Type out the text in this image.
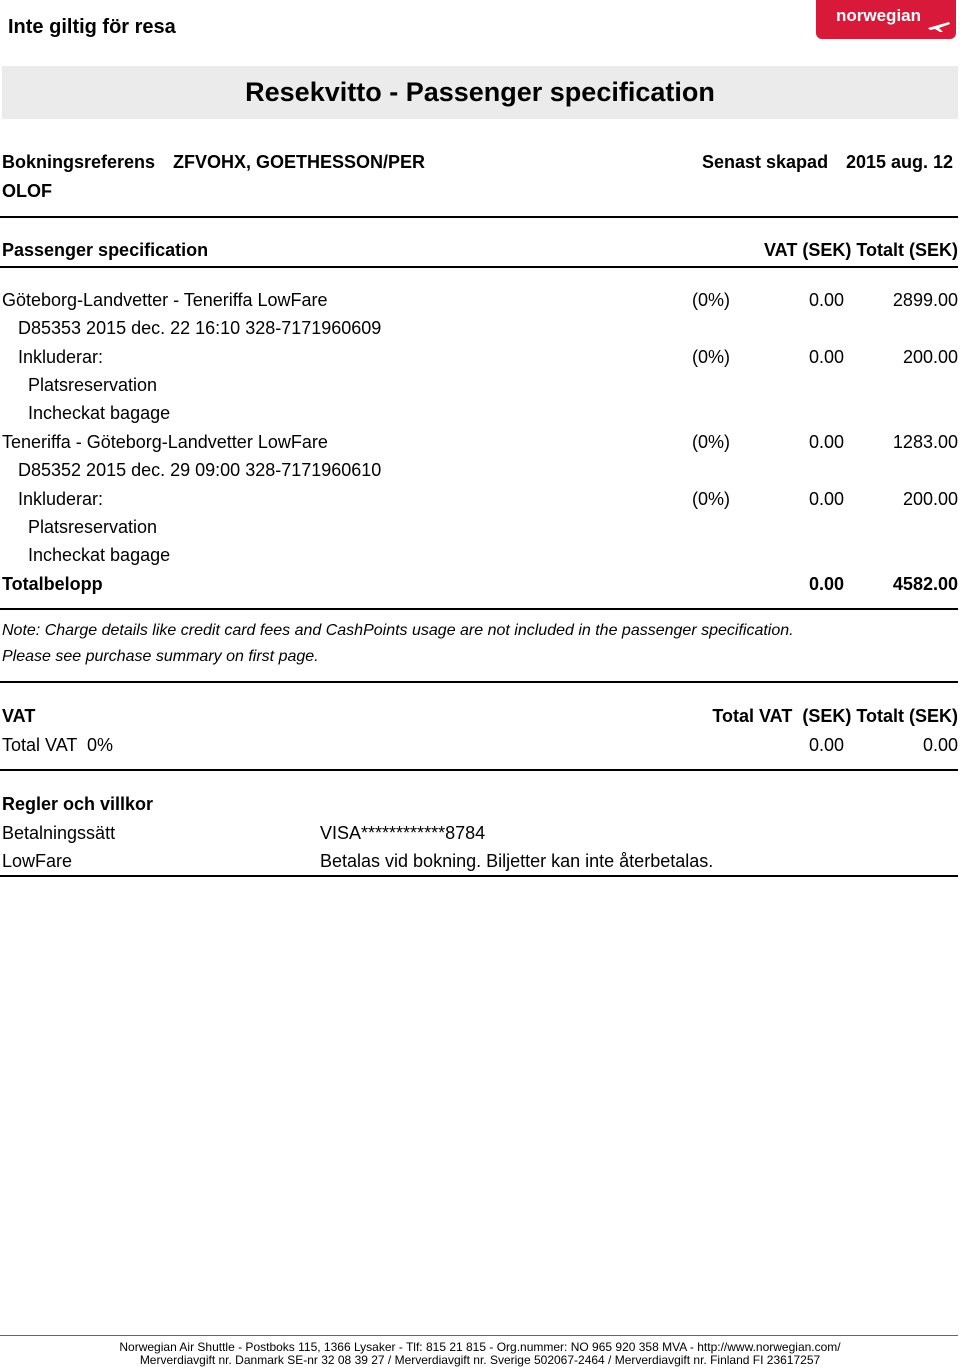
Inte giltig för resa
norwegian
Resekvitto - Passenger specification
Bokningsreferens ZFVOHX, GOETHESSON/PER
OLOF
Senast skapad 2015 aug. 12
Passenger specification	VAT (SEK) Totalt (SEK)
Göteborg-Landvetter - Teneriffa LowFare	(0%)	0.00	2899.00
D85353 2015 dec. 22 16:10 328-7171960609
Inkluderar:	(0%)	0.00	200.00
Platsreservation
Incheckat bagage
Teneriffa - Göteborg-Landvetter LowFare	(0%)	0.00	1283.00
D85352 2015 dec. 29 09:00 328-7171960610
Inkluderar:	(0%)	0.00	200.00
Platsreservation
Incheckat bagage
Totalbelopp	0.00	4582.00
Note: Charge details like credit card fees and CashPoints usage are not included in the passenger specification.
Please see purchase summary on first page.
VAT	Total VAT  (SEK) Totalt (SEK)
Total VAT  0%	0.00	0.00
Regler och villkor
Betalningssätt	VISA************8784
LowFare	Betalas vid bokning. Biljetter kan inte återbetalas.
Norwegian Air Shuttle - Postboks 115, 1366 Lysaker - Tlf: 815 21 815 - Org.nummer: NO 965 920 358 MVA - http://www.norwegian.com/
Merverdiavgift nr. Danmark SE-nr 32 08 39 27 / Merverdiavgift nr. Sverige 502067-2464 / Merverdiavgift nr. Finland FI 23617257
